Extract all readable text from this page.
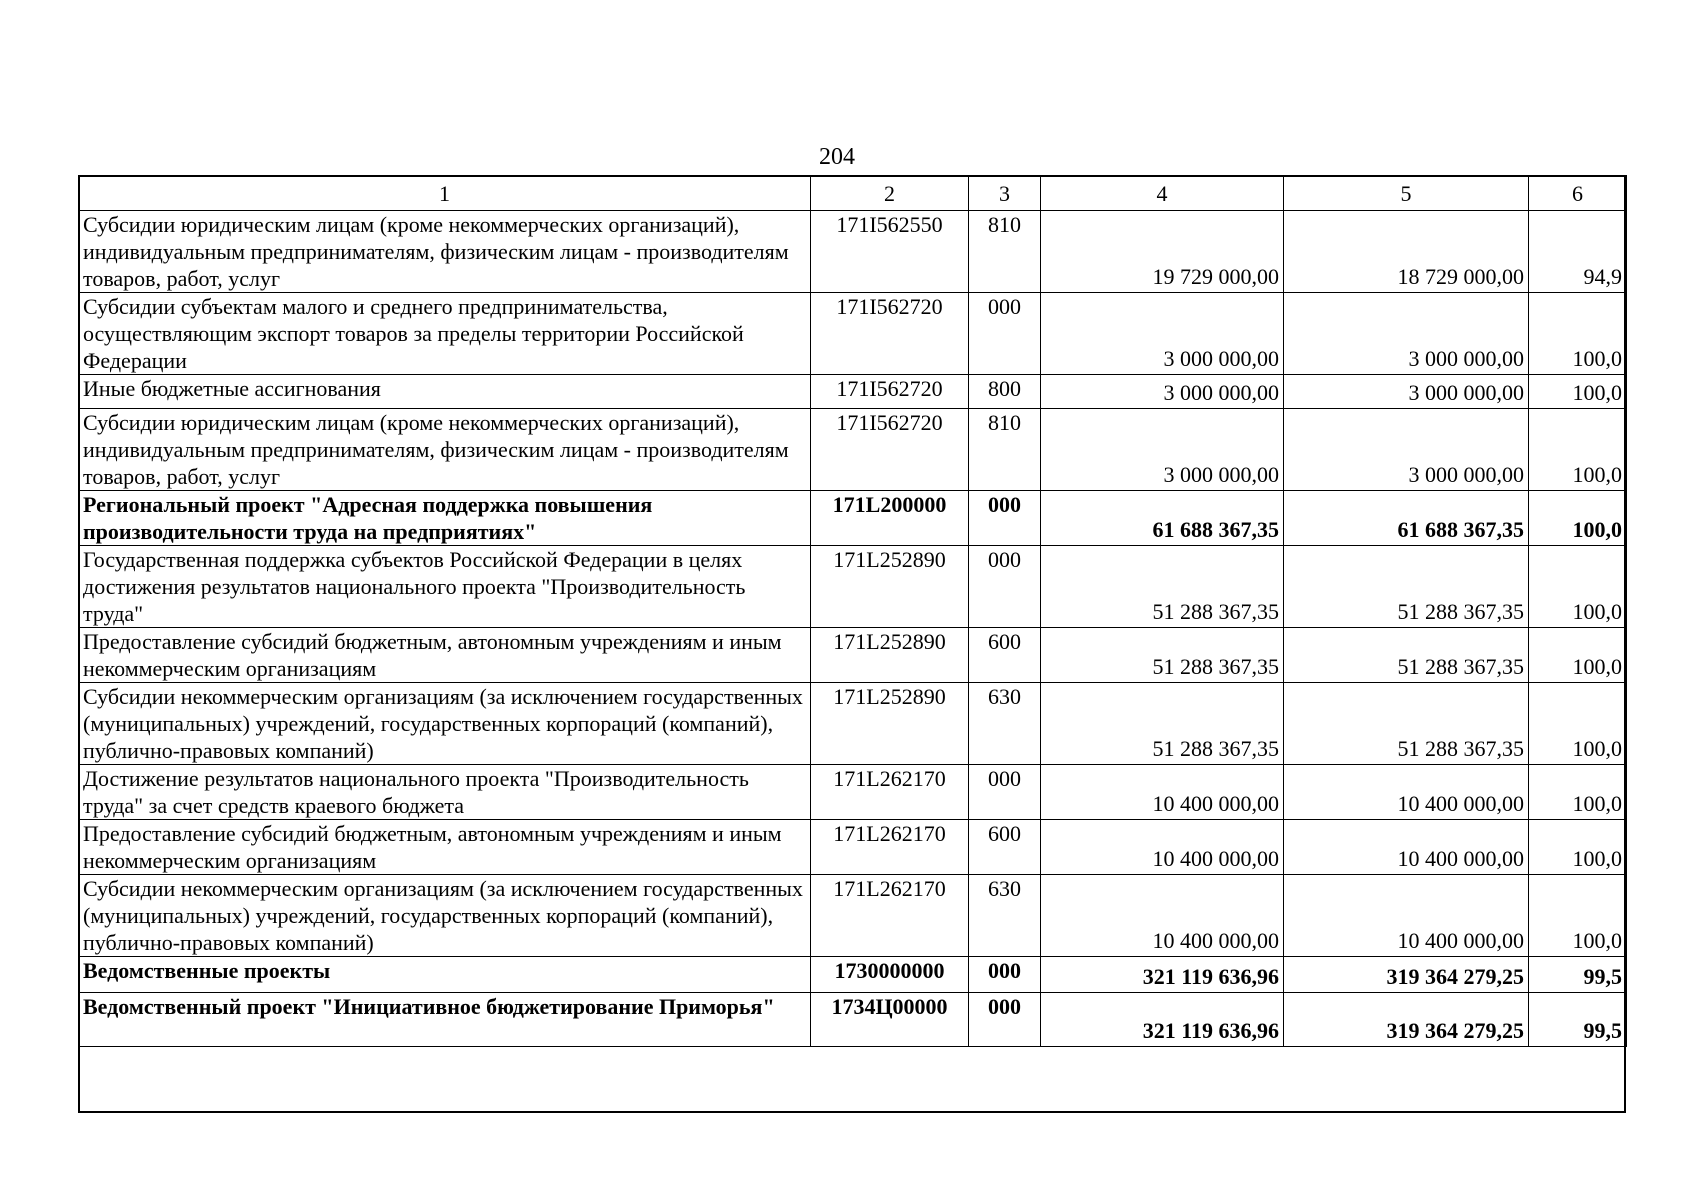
204
1	2	3	4	5	6
Субсидии юридическим лицам (кроме некоммерческих организаций), индивидуальным предпринимателям, физическим лицам - производителям товаров, работ, услуг	171I562550	810	19 729 000,00	18 729 000,00	94,9
Субсидии субъектам малого и среднего предпринимательства, осуществляющим экспорт товаров за пределы территории Российской Федерации	171I562720	000	3 000 000,00	3 000 000,00	100,0
Иные бюджетные ассигнования	171I562720	800	3 000 000,00	3 000 000,00	100,0
Субсидии юридическим лицам (кроме некоммерческих организаций), индивидуальным предпринимателям, физическим лицам - производителям товаров, работ, услуг	171I562720	810	3 000 000,00	3 000 000,00	100,0
Региональный проект "Адресная поддержка повышения производительности труда на предприятиях"	171L200000	000	61 688 367,35	61 688 367,35	100,0
Государственная поддержка субъектов Российской Федерации в целях достижения результатов национального проекта "Производительность труда"	171L252890	000	51 288 367,35	51 288 367,35	100,0
Предоставление субсидий бюджетным, автономным учреждениям и иным некоммерческим организациям	171L252890	600	51 288 367,35	51 288 367,35	100,0
Субсидии некоммерческим организациям (за исключением государственных (муниципальных) учреждений, государственных корпораций (компаний), публично-правовых компаний)	171L252890	630	51 288 367,35	51 288 367,35	100,0
Достижение результатов национального проекта "Производительность труда" за счет средств краевого бюджета	171L262170	000	10 400 000,00	10 400 000,00	100,0
Предоставление субсидий бюджетным, автономным учреждениям и иным некоммерческим организациям	171L262170	600	10 400 000,00	10 400 000,00	100,0
Субсидии некоммерческим организациям (за исключением государственных (муниципальных) учреждений, государственных корпораций (компаний), публично-правовых компаний)	171L262170	630	10 400 000,00	10 400 000,00	100,0
Ведомственные проекты	1730000000	000	321 119 636,96	319 364 279,25	99,5
Ведомственный проект "Инициативное бюджетирование Приморья"	1734Ц00000	000	321 119 636,96	319 364 279,25	99,5
